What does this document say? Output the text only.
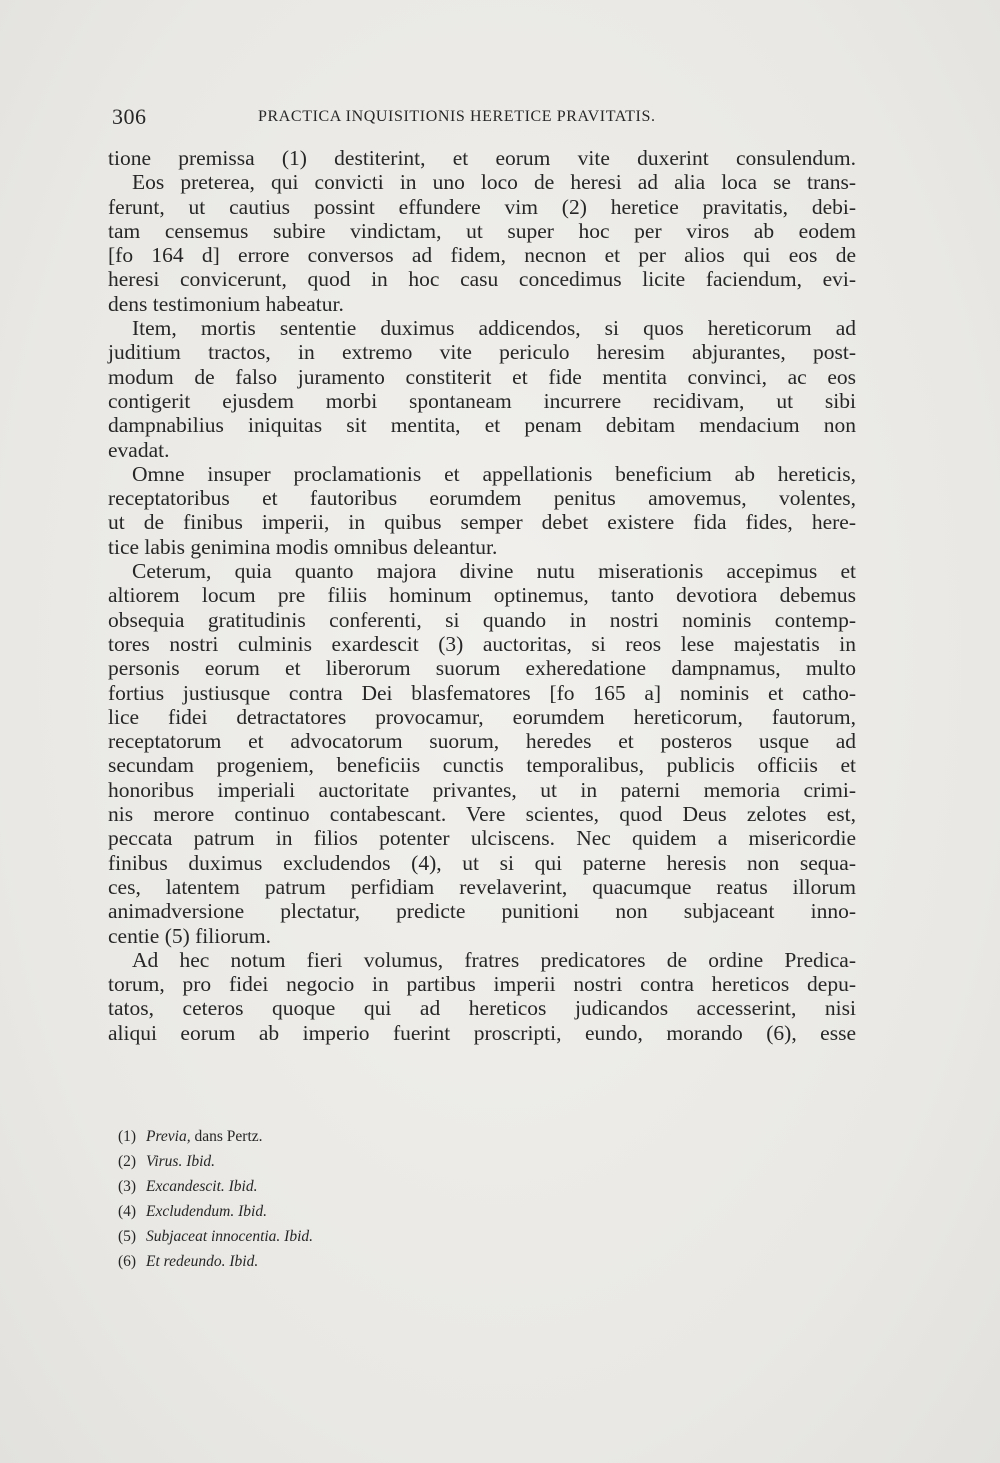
306	PRACTICA INQUISITIONIS HERETICE PRAVITATIS.
tione premissa (1) destiterint, et eorum vite duxerint consulendum.
Eos preterea, qui convicti in uno loco de heresi ad alia loca se trans-
ferunt, ut cautius possint effundere vim (2) heretice pravitatis, debi-
tam censemus subire vindictam, ut super hoc per viros ab eodem
[fo 164 d] errore conversos ad fidem, necnon et per alios qui eos de
heresi convicerunt, quod in hoc casu concedimus licite faciendum, evi-
dens testimonium habeatur.
Item, mortis sententie duximus addicendos, si quos hereticorum ad
juditium tractos, in extremo vite periculo heresim abjurantes, post-
modum de falso juramento constiterit et fide mentita convinci, ac eos
contigerit ejusdem morbi spontaneam incurrere recidivam, ut sibi
dampnabilius iniquitas sit mentita, et penam debitam mendacium non
evadat.
Omne insuper proclamationis et appellationis beneficium ab hereticis,
receptatoribus et fautoribus eorumdem penitus amovemus, volentes,
ut de finibus imperii, in quibus semper debet existere fida fides, here-
tice labis genimina modis omnibus deleantur.
Ceterum, quia quanto majora divine nutu miserationis accepimus et
altiorem locum pre filiis hominum optinemus, tanto devotiora debemus
obsequia gratitudinis conferenti, si quando in nostri nominis contemp-
tores nostri culminis exardescit (3) auctoritas, si reos lese majestatis in
personis eorum et liberorum suorum exheredatione dampnamus, multo
fortius justiusque contra Dei blasfematores [fo 165 a] nominis et catho-
lice fidei detractatores provocamur, eorumdem hereticorum, fautorum,
receptatorum et advocatorum suorum, heredes et posteros usque ad
secundam progeniem, beneficiis cunctis temporalibus, publicis officiis et
honoribus imperiali auctoritate privantes, ut in paterni memoria crimi-
nis merore continuo contabescant. Vere scientes, quod Deus zelotes est,
peccata patrum in filios potenter ulciscens. Nec quidem a misericordie
finibus duximus excludendos (4), ut si qui paterne heresis non sequa-
ces, latentem patrum perfidiam revelaverint, quacumque reatus illorum
animadversione plectatur, predicte punitioni non subjaceant inno-
centie (5) filiorum.
Ad hec notum fieri volumus, fratres predicatores de ordine Predica-
torum, pro fidei negocio in partibus imperii nostri contra hereticos depu-
tatos, ceteros quoque qui ad hereticos judicandos accesserint, nisi
aliqui eorum ab imperio fuerint proscripti, eundo, morando (6), esse
(1) Previa, dans Pertz.
(2) Virus. Ibid.
(3) Excandescit. Ibid.
(4) Excludendum. Ibid.
(5) Subjaceat innocentia. Ibid.
(6) Et redeundo. Ibid.
